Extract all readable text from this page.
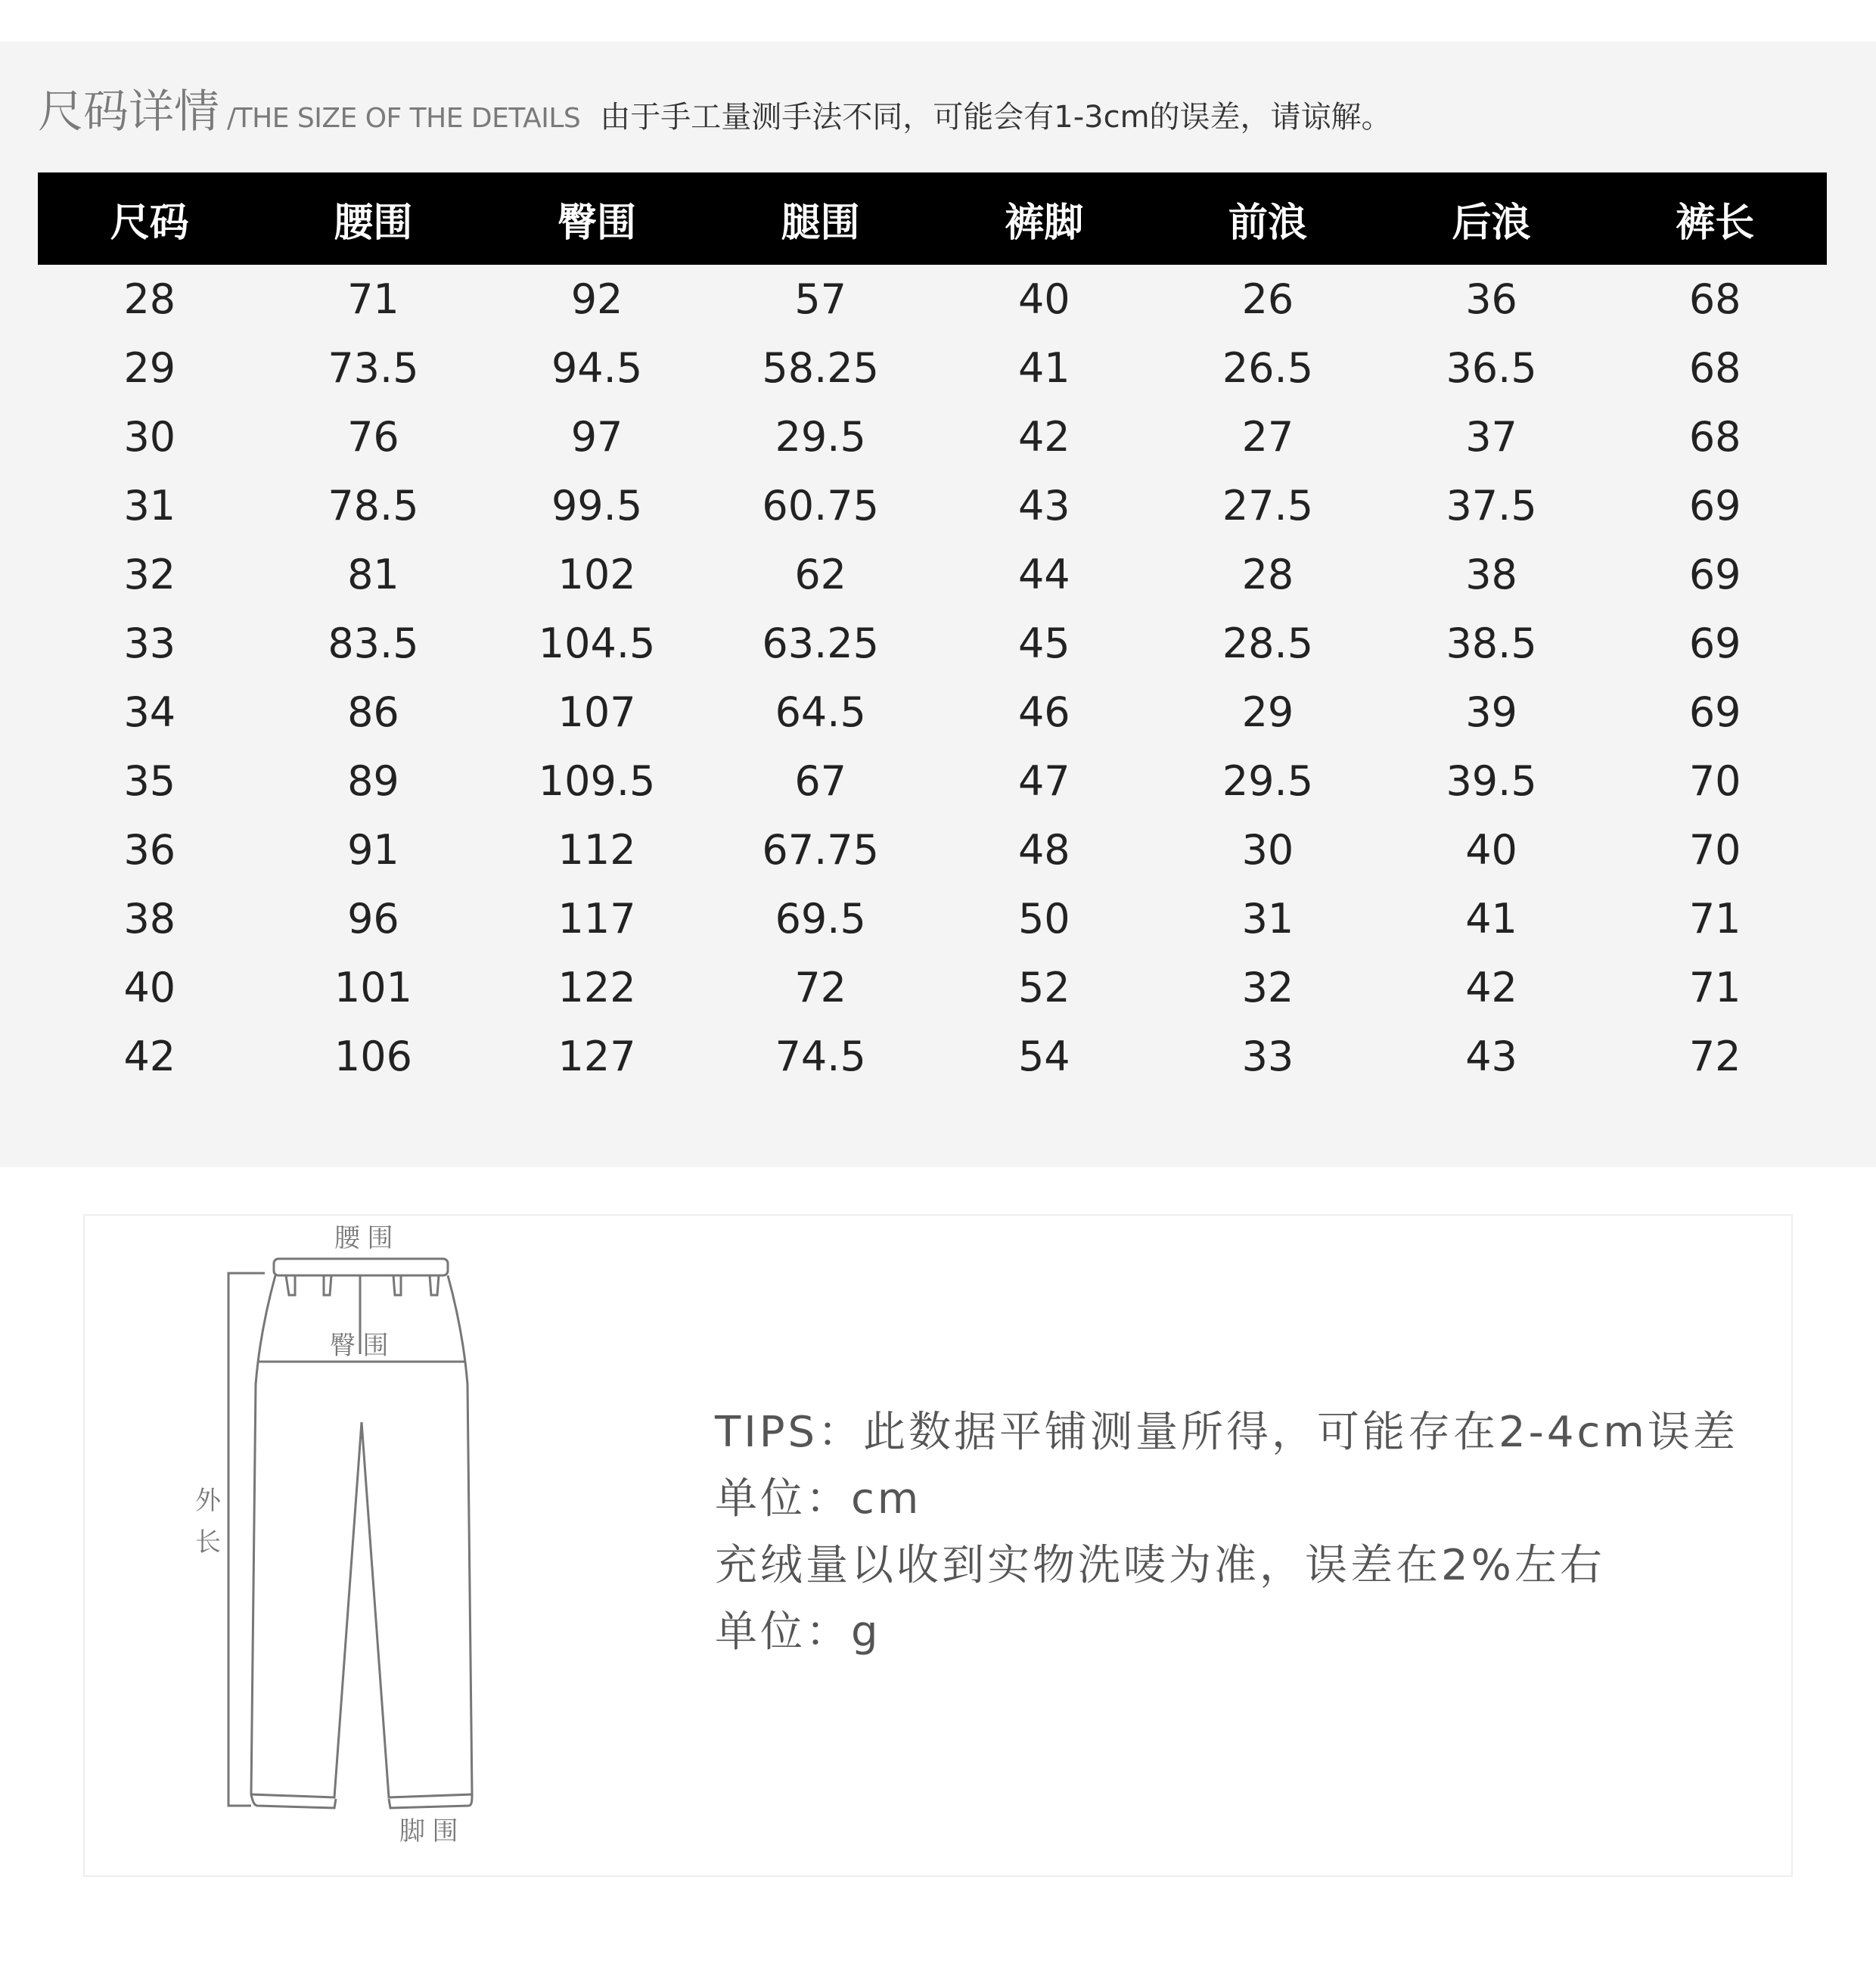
尺码详情 /THE SIZE OF THE DETAILS 由于手工量测手法不同，可能会有1-3cm的误差，请谅解。
尺码	腰围	臀围	腿围	裤脚	前浪	后浪	裤长
28	71	92	57	40	26	36	68
29	73.5	94.5	58.25	41	26.5	36.5	68
30	76	97	29.5	42	27	37	68
31	78.5	99.5	60.75	43	27.5	37.5	69
32	81	102	62	44	28	38	69
33	83.5	104.5	63.25	45	28.5	38.5	69
34	86	107	64.5	46	29	39	69
35	89	109.5	67	47	29.5	39.5	70
36	91	112	67.75	48	30	40	70
38	96	117	69.5	50	31	41	71
40	101	122	72	52	32	42	71
42	106	127	74.5	54	33	43	72
腰 围
臀 围
外
长
脚 围
TIPS：此数据平铺测量所得，可能存在2-4cm误差
单位：cm
充绒量以收到实物洗唛为准，误差在2%左右
单位：g
